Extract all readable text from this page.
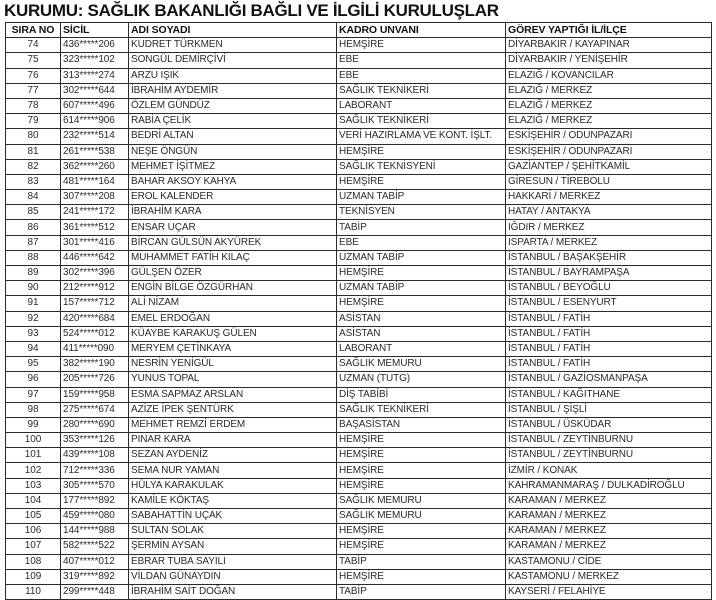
KURUMU: SAĞLIK BAKANLIĞI BAĞLI VE İLGİLİ KURULUŞLAR
SIRA NO	SİCİL	ADI SOYADI	KADRO UNVANI	GÖREV YAPTIĞI İL/İLÇE
74	436*****206	KUDRET TÜRKMEN	HEMŞİRE	DİYARBAKIR / KAYAPINAR
75	323*****102	SONGÜL DEMİRÇİVİ	EBE	DİYARBAKIR / YENİŞEHİR
76	313*****274	ARZU IŞIK	EBE	ELAZIĞ / KOVANCILAR
77	302*****644	İBRAHİM AYDEMİR	SAĞLIK TEKNİKERİ	ELAZIĞ / MERKEZ
78	607*****496	ÖZLEM GÜNDÜZ	LABORANT	ELAZIĞ / MERKEZ
79	614*****906	RABİA ÇELİK	SAĞLIK TEKNİKERİ	ELAZIĞ / MERKEZ
80	232*****514	BEDRİ ALTAN	VERİ HAZIRLAMA VE KONT. İŞLT.	ESKİŞEHİR / ODUNPAZARI
81	261*****538	NEŞE ÖNGÜN	HEMŞİRE	ESKİŞEHİR / ODUNPAZARI
82	362*****260	MEHMET İŞİTMEZ	SAĞLIK TEKNİSYENİ	GAZİANTEP / ŞEHİTKAMİL
83	481*****164	BAHAR AKSOY KAHYA	HEMŞİRE	GİRESUN / TİREBOLU
84	307*****208	EROL KALENDER	UZMAN TABİP	HAKKARİ / MERKEZ
85	241*****172	İBRAHİM KARA	TEKNİSYEN	HATAY / ANTAKYA
86	361*****512	ENSAR UÇAR	TABİP	IĞDIR / MERKEZ
87	301*****416	BİRCAN GÜLSÜN AKYÜREK	EBE	ISPARTA / MERKEZ
88	446*****642	MUHAMMET FATİH KILAÇ	UZMAN TABİP	İSTANBUL / BAŞAKŞEHİR
89	302*****396	GÜLŞEN ÖZER	HEMŞİRE	İSTANBUL / BAYRAMPAŞA
90	212*****912	ENGİN BİLGE ÖZGÜRHAN	UZMAN TABİP	İSTANBUL / BEYOĞLU
91	157*****712	ALİ NİZAM	HEMŞİRE	İSTANBUL / ESENYURT
92	420*****684	EMEL ERDOĞAN	ASİSTAN	İSTANBUL / FATİH
93	524*****012	KÜAYBE KARAKUŞ GÜLEN	ASİSTAN	İSTANBUL / FATİH
94	411*****090	MERYEM ÇETİNKAYA	LABORANT	İSTANBUL / FATİH
95	382*****190	NESRİN YENİGÜL	SAĞLIK MEMURU	İSTANBUL / FATİH
96	205*****726	YUNUS TOPAL	UZMAN (TUTG)	İSTANBUL / GAZİOSMANPAŞA
97	159*****958	ESMA SAPMAZ ARSLAN	DİŞ TABİBİ	İSTANBUL / KAĞITHANE
98	275*****674	AZİZE İPEK ŞENTÜRK	SAĞLIK TEKNİKERİ	İSTANBUL / ŞİŞLİ
99	280*****690	MEHMET REMZİ ERDEM	BAŞASİSTAN	İSTANBUL / ÜSKÜDAR
100	353*****126	PINAR KARA	HEMŞİRE	İSTANBUL / ZEYTİNBURNU
101	439*****108	SEZAN AYDENİZ	HEMŞİRE	İSTANBUL / ZEYTİNBURNU
102	712*****336	SEMA NUR YAMAN	HEMŞİRE	İZMİR / KONAK
103	305*****570	HÜLYA KARAKULAK	HEMŞİRE	KAHRAMANMARAŞ / DULKADİROĞLU
104	177*****892	KAMİLE KÖKTAŞ	SAĞLIK MEMURU	KARAMAN / MERKEZ
105	459*****080	SABAHATTİN UÇAK	SAĞLIK MEMURU	KARAMAN / MERKEZ
106	144*****988	SULTAN SOLAK	HEMŞİRE	KARAMAN / MERKEZ
107	582*****522	ŞERMİN AYSAN	HEMŞİRE	KARAMAN / MERKEZ
108	407*****012	EBRAR TUBA SAYILI	TABİP	KASTAMONU / CİDE
109	319*****892	VİLDAN GÜNAYDIN	HEMŞİRE	KASTAMONU / MERKEZ
110	299*****448	İBRAHİM SAİT DOĞAN	TABİP	KAYSERİ / FELAHİYE
